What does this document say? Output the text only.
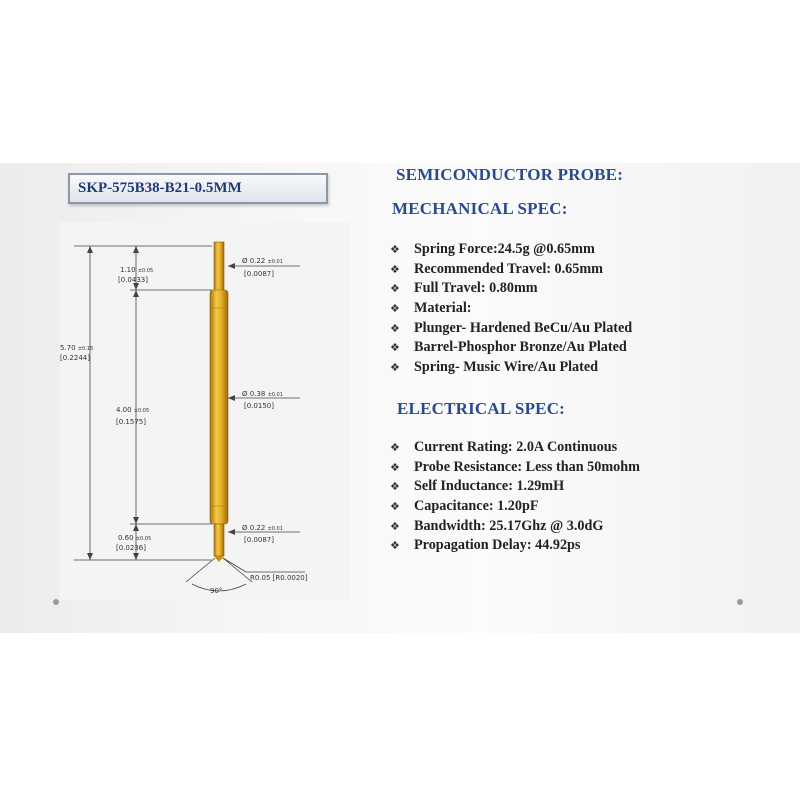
SKP-575B38-B21-0.5MM
1.10 ±0.05
[0.0433]
Ø 0.22 ±0.01
[0.0087]
5.70 ±0.15
[0.2244]
4.00 ±0.05
[0.1575]
Ø 0.38 ±0.01
[0.0150]
0.60 ±0.05
[0.0236]
Ø 0.22 ±0.01
[0.0087]
R0.05 [R0.0020]
90°
SEMICONDUCTOR PROBE:
MECHANICAL SPEC:
❖ Spring Force:24.5g @0.65mm
❖ Recommended Travel: 0.65mm
❖ Full Travel: 0.80mm
❖ Material:
❖ Plunger- Hardened BeCu/Au Plated
❖ Barrel-Phosphor Bronze/Au Plated
❖ Spring- Music Wire/Au Plated
ELECTRICAL SPEC:
❖ Current Rating: 2.0A Continuous
❖ Probe Resistance: Less than 50mohm
❖ Self Inductance: 1.29mH
❖ Capacitance: 1.20pF
❖ Bandwidth: 25.17Ghz @ 3.0dG
❖ Propagation Delay: 44.92ps
